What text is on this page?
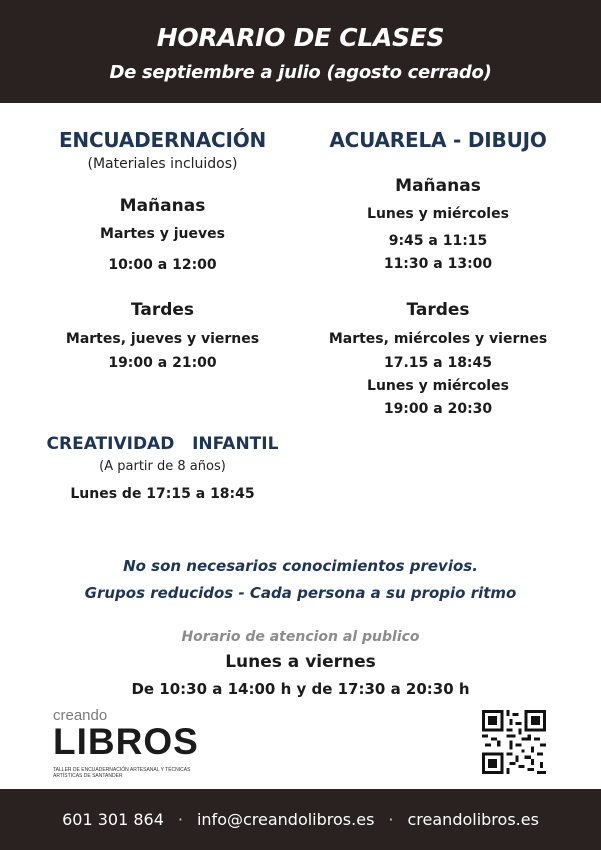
HORARIO DE CLASES
De septiembre a julio (agosto cerrado)
ENCUADERNACIÓN
(Materiales incluidos)
Mañanas
Martes y jueves
10:00 a 12:00
Tardes
Martes, jueves y viernes
19:00 a 21:00
ACUARELA - DIBUJO
Mañanas
Lunes y miércoles
9:45 a 11:15
11:30 a 13:00
Tardes
Martes, miércoles y viernes
17.15 a 18:45
Lunes y miércoles
19:00 a 20:30
CREATIVIDAD   INFANTIL
(A partir de 8 años)
Lunes de 17:15 a 18:45
No son necesarios conocimientos previos.
Grupos reducidos - Cada persona a su propio ritmo
Horario de atencion al publico
Lunes a viernes
De 10:30 a 14:00 h y de 17:30 a 20:30 h
creando
LIBROS
TALLER DE ENCUADERNACIÓN ARTESANAL Y TÉCNICAS ARTÍSTICAS DE SANTANDER
601 301 864 · info@creandolibros.es · creandolibros.es
